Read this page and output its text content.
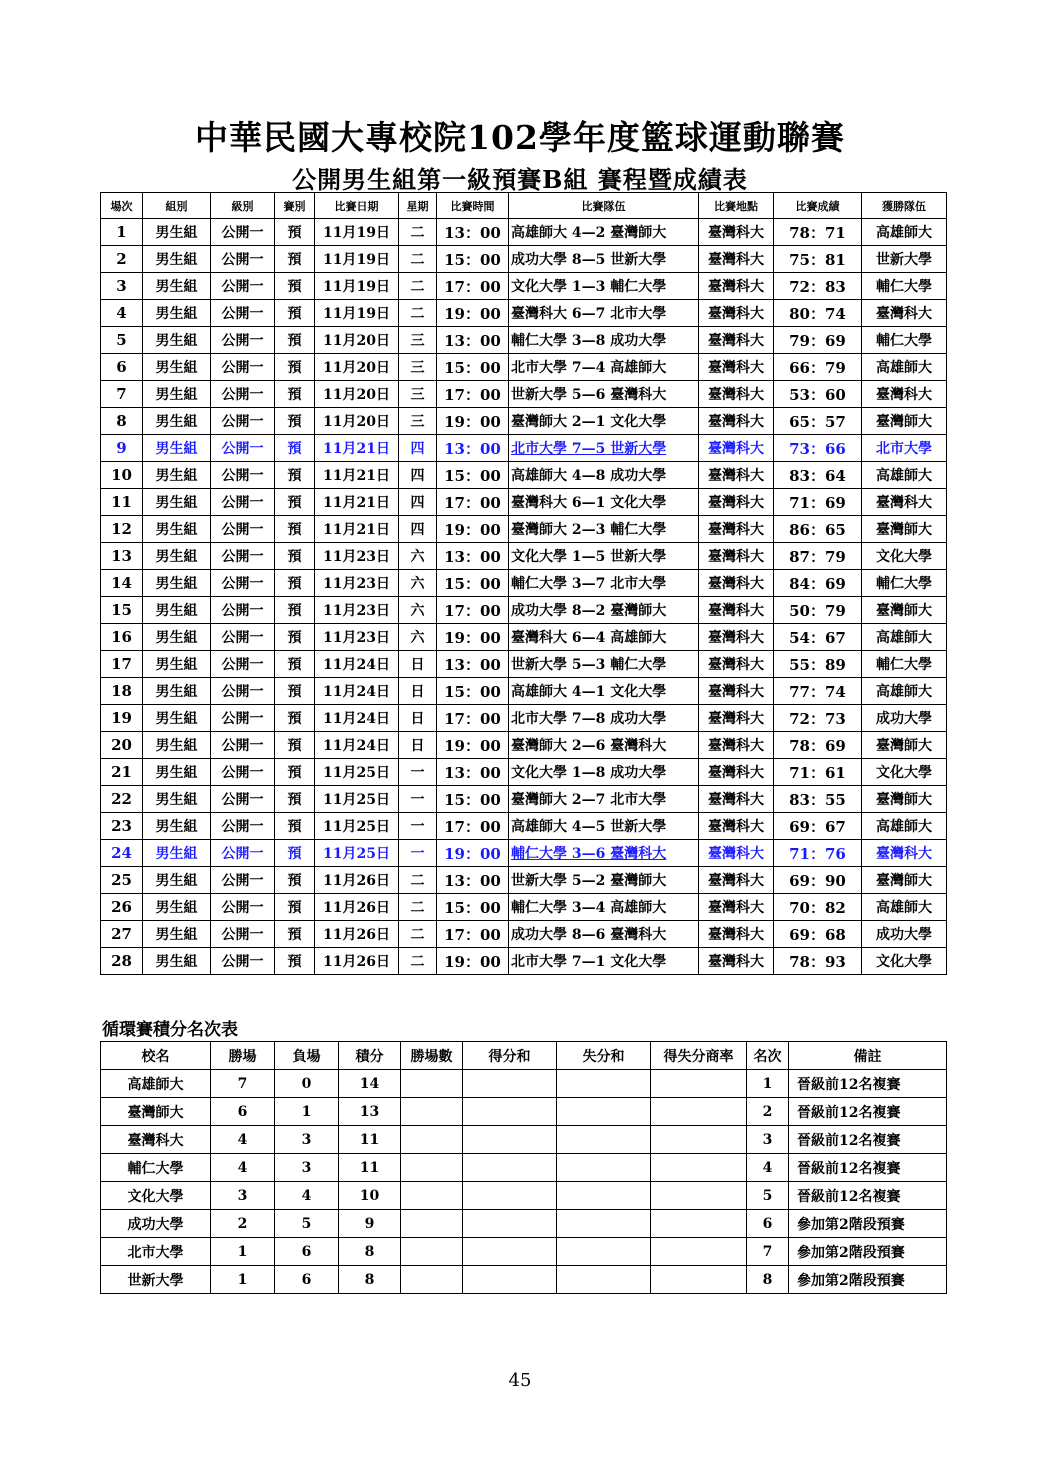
中華民國大專校院102學年度籃球運動聯賽
公開男生組第一級預賽B組 賽程暨成績表
場次	組別	級別	賽別	比賽日期	星期	比賽時間	比賽隊伍	比賽地點	比賽成績	獲勝隊伍
1	男生組	公開一	預	11月19日	二	13：00	高雄師大 4—2 臺灣師大	臺灣科大	78：71	高雄師大
2	男生組	公開一	預	11月19日	二	15：00	成功大學 8—5 世新大學	臺灣科大	75：81	世新大學
3	男生組	公開一	預	11月19日	二	17：00	文化大學 1—3 輔仁大學	臺灣科大	72：83	輔仁大學
4	男生組	公開一	預	11月19日	二	19：00	臺灣科大 6—7 北市大學	臺灣科大	80：74	臺灣科大
5	男生組	公開一	預	11月20日	三	13：00	輔仁大學 3—8 成功大學	臺灣科大	79：69	輔仁大學
6	男生組	公開一	預	11月20日	三	15：00	北市大學 7—4 高雄師大	臺灣科大	66：79	高雄師大
7	男生組	公開一	預	11月20日	三	17：00	世新大學 5—6 臺灣科大	臺灣科大	53：60	臺灣科大
8	男生組	公開一	預	11月20日	三	19：00	臺灣師大 2—1 文化大學	臺灣科大	65：57	臺灣師大
9	男生組	公開一	預	11月21日	四	13：00	北市大學 7—5 世新大學	臺灣科大	73：66	北市大學
10	男生組	公開一	預	11月21日	四	15：00	高雄師大 4—8 成功大學	臺灣科大	83：64	高雄師大
11	男生組	公開一	預	11月21日	四	17：00	臺灣科大 6—1 文化大學	臺灣科大	71：69	臺灣科大
12	男生組	公開一	預	11月21日	四	19：00	臺灣師大 2—3 輔仁大學	臺灣科大	86：65	臺灣師大
13	男生組	公開一	預	11月23日	六	13：00	文化大學 1—5 世新大學	臺灣科大	87：79	文化大學
14	男生組	公開一	預	11月23日	六	15：00	輔仁大學 3—7 北市大學	臺灣科大	84：69	輔仁大學
15	男生組	公開一	預	11月23日	六	17：00	成功大學 8—2 臺灣師大	臺灣科大	50：79	臺灣師大
16	男生組	公開一	預	11月23日	六	19：00	臺灣科大 6—4 高雄師大	臺灣科大	54：67	高雄師大
17	男生組	公開一	預	11月24日	日	13：00	世新大學 5—3 輔仁大學	臺灣科大	55：89	輔仁大學
18	男生組	公開一	預	11月24日	日	15：00	高雄師大 4—1 文化大學	臺灣科大	77：74	高雄師大
19	男生組	公開一	預	11月24日	日	17：00	北市大學 7—8 成功大學	臺灣科大	72：73	成功大學
20	男生組	公開一	預	11月24日	日	19：00	臺灣師大 2—6 臺灣科大	臺灣科大	78：69	臺灣師大
21	男生組	公開一	預	11月25日	一	13：00	文化大學 1—8 成功大學	臺灣科大	71：61	文化大學
22	男生組	公開一	預	11月25日	一	15：00	臺灣師大 2—7 北市大學	臺灣科大	83：55	臺灣師大
23	男生組	公開一	預	11月25日	一	17：00	高雄師大 4—5 世新大學	臺灣科大	69：67	高雄師大
24	男生組	公開一	預	11月25日	一	19：00	輔仁大學 3—6 臺灣科大	臺灣科大	71：76	臺灣科大
25	男生組	公開一	預	11月26日	二	13：00	世新大學 5—2 臺灣師大	臺灣科大	69：90	臺灣師大
26	男生組	公開一	預	11月26日	二	15：00	輔仁大學 3—4 高雄師大	臺灣科大	70：82	高雄師大
27	男生組	公開一	預	11月26日	二	17：00	成功大學 8—6 臺灣科大	臺灣科大	69：68	成功大學
28	男生組	公開一	預	11月26日	二	19：00	北市大學 7—1 文化大學	臺灣科大	78：93	文化大學
循環賽積分名次表
校名	勝場	負場	積分	勝場數	得分和	失分和	得失分商率	名次	備註
高雄師大	7	0	14					1	晉級前12名複賽
臺灣師大	6	1	13					2	晉級前12名複賽
臺灣科大	4	3	11					3	晉級前12名複賽
輔仁大學	4	3	11					4	晉級前12名複賽
文化大學	3	4	10					5	晉級前12名複賽
成功大學	2	5	9					6	參加第2階段預賽
北市大學	1	6	8					7	參加第2階段預賽
世新大學	1	6	8					8	參加第2階段預賽
45
